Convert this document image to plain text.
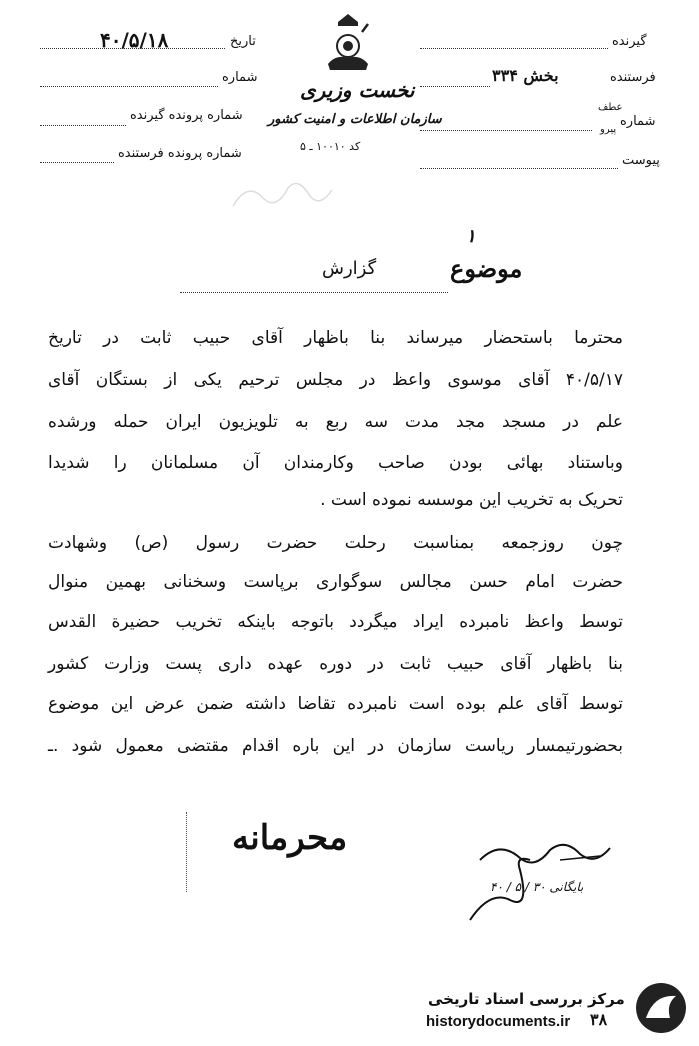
تاریخ
۴۰/۵/۱۸
شماره
شماره پرونده گیرنده
شماره پرونده فرستنده
نخست وزیری
سازمان اطلاعات و امنیت کشور
کد ۱۰۰۱۰ ـ ۵
گیرنده
فرستنده
بخش ۳۳۴
شماره
عطف
پیرو
پیوست
۱
موضوع
گزارش
محترما باستحضار میرساند بنا باظهار آقای حبیب ثابت در تاریخ
۴۰/۵/۱۷ آقای موسوی واعظ در مجلس ترحیم یکی از بستگان آقای
علم در مسجد مجد مدت سه ربع به تلویزیون ایران حمله ورشده
وباستناد بهائی بودن صاحب وکارمندان آن مسلمانان را شدیدا
تحریک به تخریب این موسسه نموده است .
چون روزجمعه بمناسبت رحلت حضرت رسول (ص) وشهادت
حضرت امام حسن مجالس سوگواری برپاست وسخنانی بهمین منوال
توسط واعظ نامبرده ایراد میگردد باتوجه باینکه تخریب حضیرة القدس
بنا باظهار آقای حبیب ثابت در دوره عهده داری پست وزارت کشور
توسط آقای علم بوده است نامبرده تقاضا داشته ضمن عرض این موضوع
بحضورتیمسار ریاست سازمان در این باره اقدام مقتضی معمول شود .ـ
محرمانه
بایگانی ۳۰ / ۵ / ۴۰
۳۸
مرکز بررسی اسناد تاریخی
historydocuments.ir
